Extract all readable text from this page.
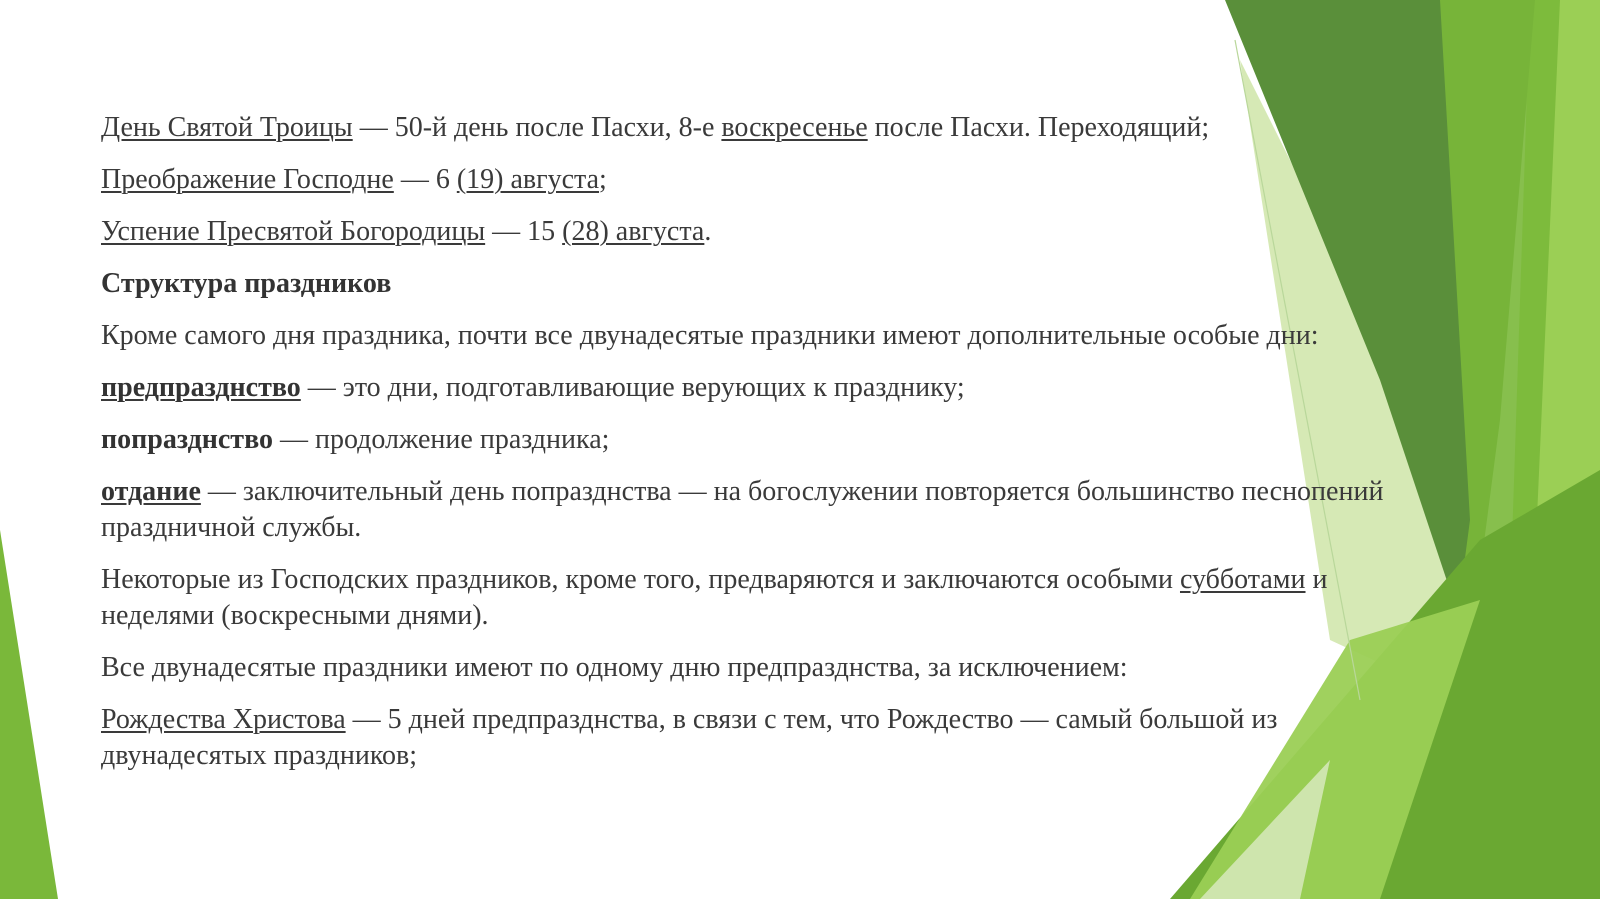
День Святой Троицы — 50-й день после Пасхи, 8-е воскресенье после Пасхи. Переходящий;

Преображение Господне — 6 (19) августа;

Успение Пресвятой Богородицы — 15 (28) августа.

Структура праздников

Кроме самого дня праздника, почти все двунадесятые праздники имеют дополнительные особые дни:

предпразднство — это дни, подготавливающие верующих к празднику;

попразднство — продолжение праздника;

отдание — заключительный день попразднства — на богослужении повторяется большинство песнопений праздничной службы.

Некоторые из Господских праздников, кроме того, предваряются и заключаются особыми субботами и неделями (воскресными днями).

Все двунадесятые праздники имеют по одному дню предпразднства, за исключением:

Рождества Христова — 5 дней предпразднства, в связи с тем, что Рождество — самый большой из двунадесятых праздников;
